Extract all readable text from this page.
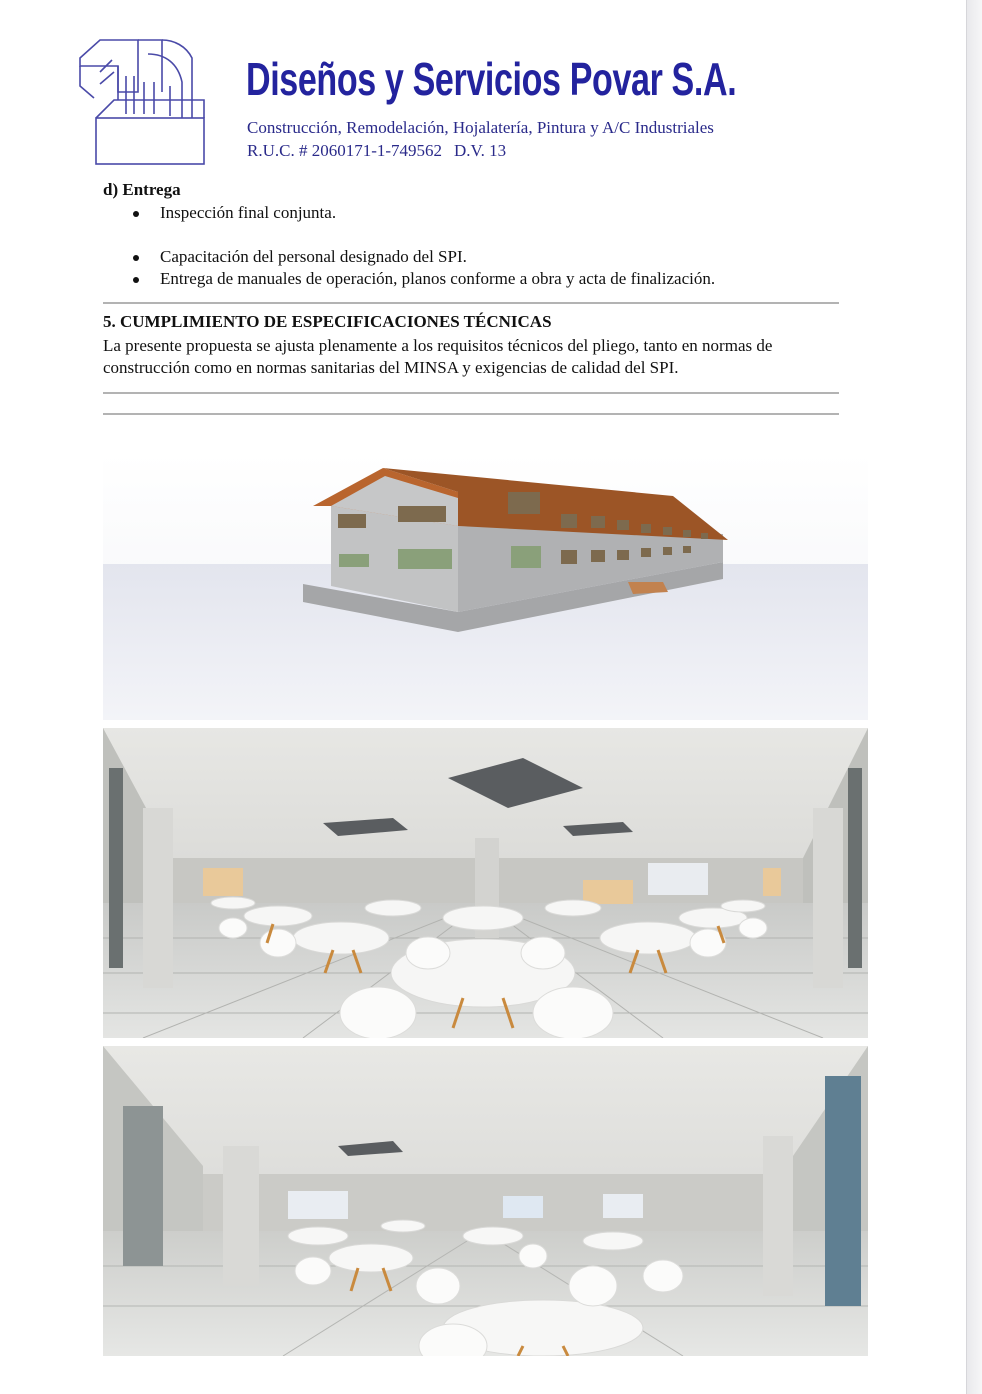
Diseños y Servicios Povar S.A.
Construcción, Remodelación, Hojalatería, Pintura y A/C Industriales
R.U.C. # 2060171-1-749562 D.V. 13
d) Entrega
Inspección final conjunta.
Capacitación del personal designado del SPI.
Entrega de manuales de operación, planos conforme a obra y acta de finalización.
5. CUMPLIMIENTO DE ESPECIFICACIONES TÉCNICAS
La presente propuesta se ajusta plenamente a los requisitos técnicos del pliego, tanto en normas de construcción como en normas sanitarias del MINSA y exigencias de calidad del SPI.
